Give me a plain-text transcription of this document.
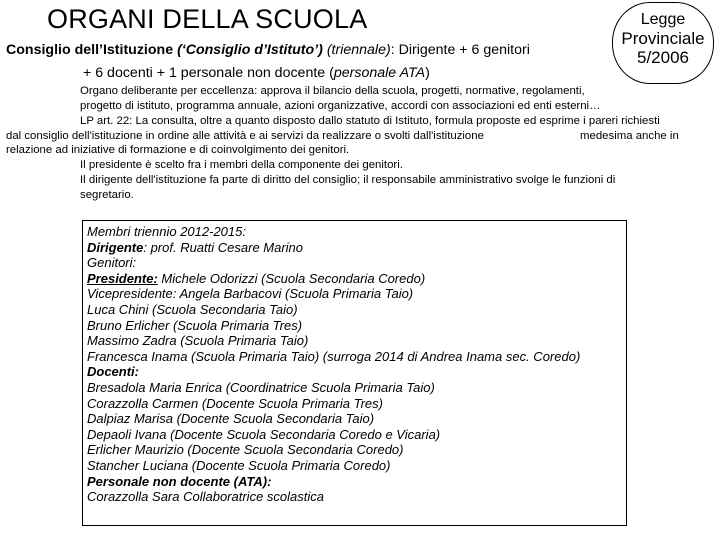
ORGANI DELLA SCUOLA	Legge
Provinciale
5/2006
Consiglio dell’Istituzione (‘Consiglio d’Istituto’) (triennale): Dirigente + 6 genitori
+ 6 docenti + 1 personale non docente (personale ATA)
Organo deliberante per eccellenza: approva il bilancio della scuola, progetti, normative, regolamenti,
progetto di istituto, programma annuale, azioni organizzative, accordi con associazioni ed enti esterni…
LP art. 22: La consulta, oltre a quanto disposto dallo statuto di Istituto, formula proposte ed esprime i pareri richiesti
dal consiglio dell'istituzione in ordine alle attività e ai servizi da realizzare o svolti dall'istituzione	medesima anche in
relazione ad iniziative di formazione e di coinvolgimento dei genitori.
Il presidente è scelto fra i membri della componente dei genitori.
Il dirigente dell'istituzione fa parte di diritto del consiglio; il responsabile amministrativo svolge le funzioni di
segretario.
Membri triennio 2012-2015:
Dirigente: prof. Ruatti Cesare Marino
Genitori:
Presidente: Michele Odorizzi (Scuola Secondaria Coredo)
Vicepresidente: Angela Barbacovi (Scuola Primaria Taio)
Luca Chini (Scuola Secondaria Taio)
Bruno Erlicher (Scuola Primaria Tres)
Massimo Zadra (Scuola Primaria Taio)
Francesca Inama (Scuola Primaria Taio) (surroga 2014 di Andrea Inama sec. Coredo)
Docenti:
Bresadola Maria Enrica (Coordinatrice Scuola Primaria Taio)
Corazzolla Carmen (Docente Scuola Primaria Tres)
Dalpiaz Marisa (Docente Scuola Secondaria Taio)
Depaoli Ivana (Docente Scuola Secondaria Coredo e Vicaria)
Erlicher Maurizio (Docente Scuola Secondaria Coredo)
Stancher Luciana (Docente Scuola Primaria Coredo)
Personale non docente (ATA):
Corazzolla Sara Collaboratrice scolastica
